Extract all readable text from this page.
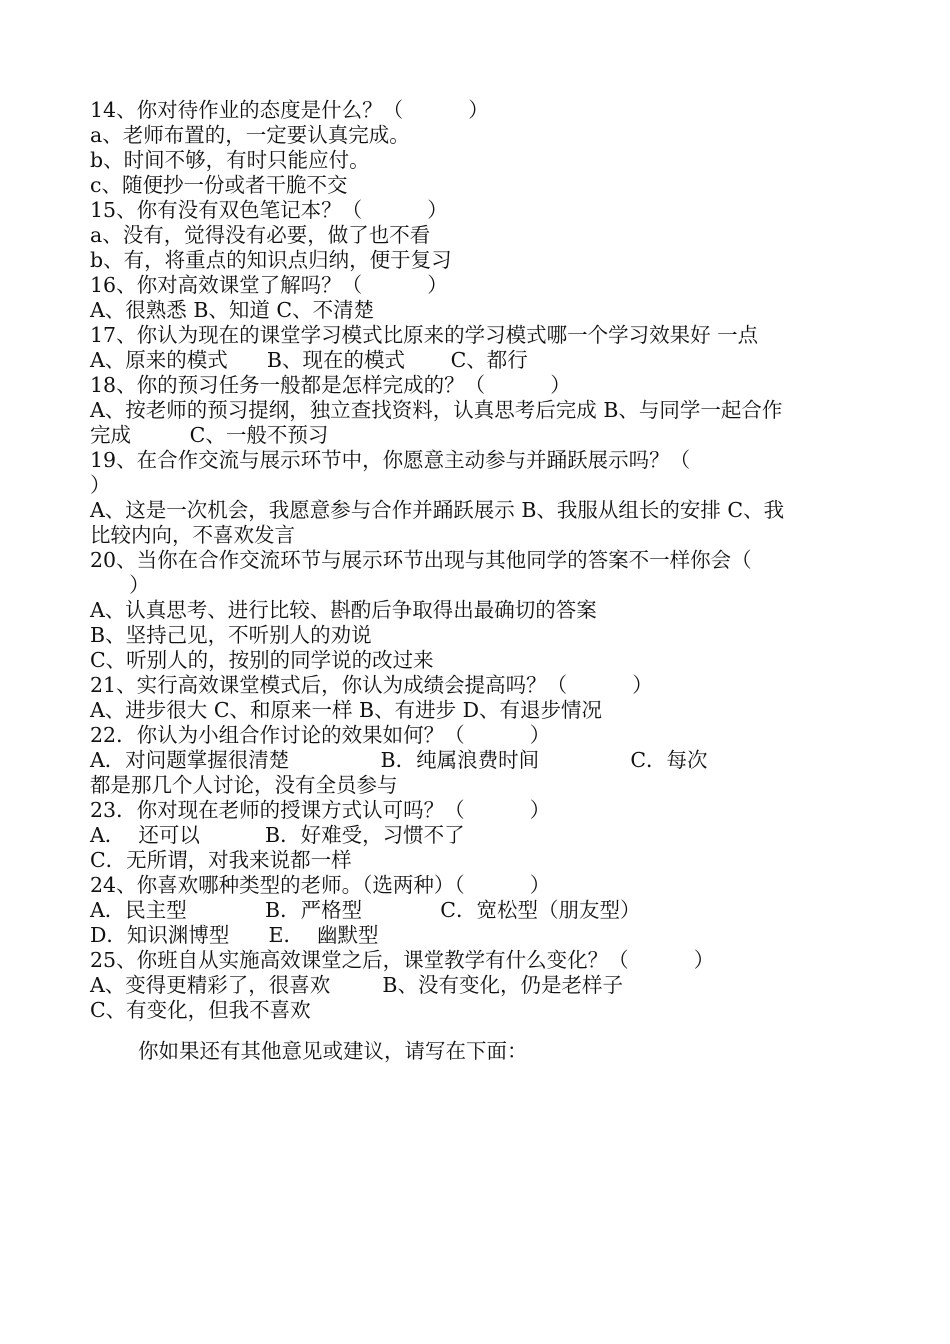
14、你对待作业的态度是什么？（          ）
a、老师布置的，一定要认真完成。
b、时间不够，有时只能应付。
c、随便抄一份或者干脆不交
15、你有没有双色笔记本？（          ）
a、没有，觉得没有必要，做了也不看
b、有，将重点的知识点归纳，便于复习
16、你对高效课堂了解吗？（          ）
A、很熟悉 B、知道 C、不清楚
17、你认为现在的课堂学习模式比原来的学习模式哪一个学习效果好 一点
A、原来的模式      B、现在的模式       C、都行
18、你的预习任务一般都是怎样完成的？（          ）
A、按老师的预习提纲，独立查找资料，认真思考后完成 B、与同学一起合作
完成         C、一般不预习
19、在合作交流与展示环节中，你愿意主动参与并踊跃展示吗？（
）
A、这是一次机会，我愿意参与合作并踊跃展示 B、我服从组长的安排 C、我
比较内向，不喜欢发言
20、当你在合作交流环节与展示环节出现与其他同学的答案不一样你会（
）
A、认真思考、进行比较、斟酌后争取得出最确切的答案
B、坚持己见，不听别人的劝说
C、听别人的，按别的同学说的改过来
21、实行高效课堂模式后，你认为成绩会提高吗？（          ）
A、进步很大 C、和原来一样 B、有进步 D、有退步情况
22．你认为小组合作讨论的效果如何？（          ）
A．对问题掌握很清楚              B．纯属浪费时间              C．每次
都是那几个人讨论，没有全员参与
23．你对现在老师的授课方式认可吗？（          ）
A．  还可以          B．好难受，习惯不了
C．无所谓，对我来说都一样
24、你喜欢哪种类型的老师。（选两种）（          ）
A．民主型            B．严格型            C．宽松型（朋友型）
D．知识渊博型      E．  幽默型
25、你班自从实施高效课堂之后，课堂教学有什么变化？（          ）
A、变得更精彩了，很喜欢        B、没有变化，仍是老样子
C、有变化，但我不喜欢
你如果还有其他意见或建议，请写在下面：
